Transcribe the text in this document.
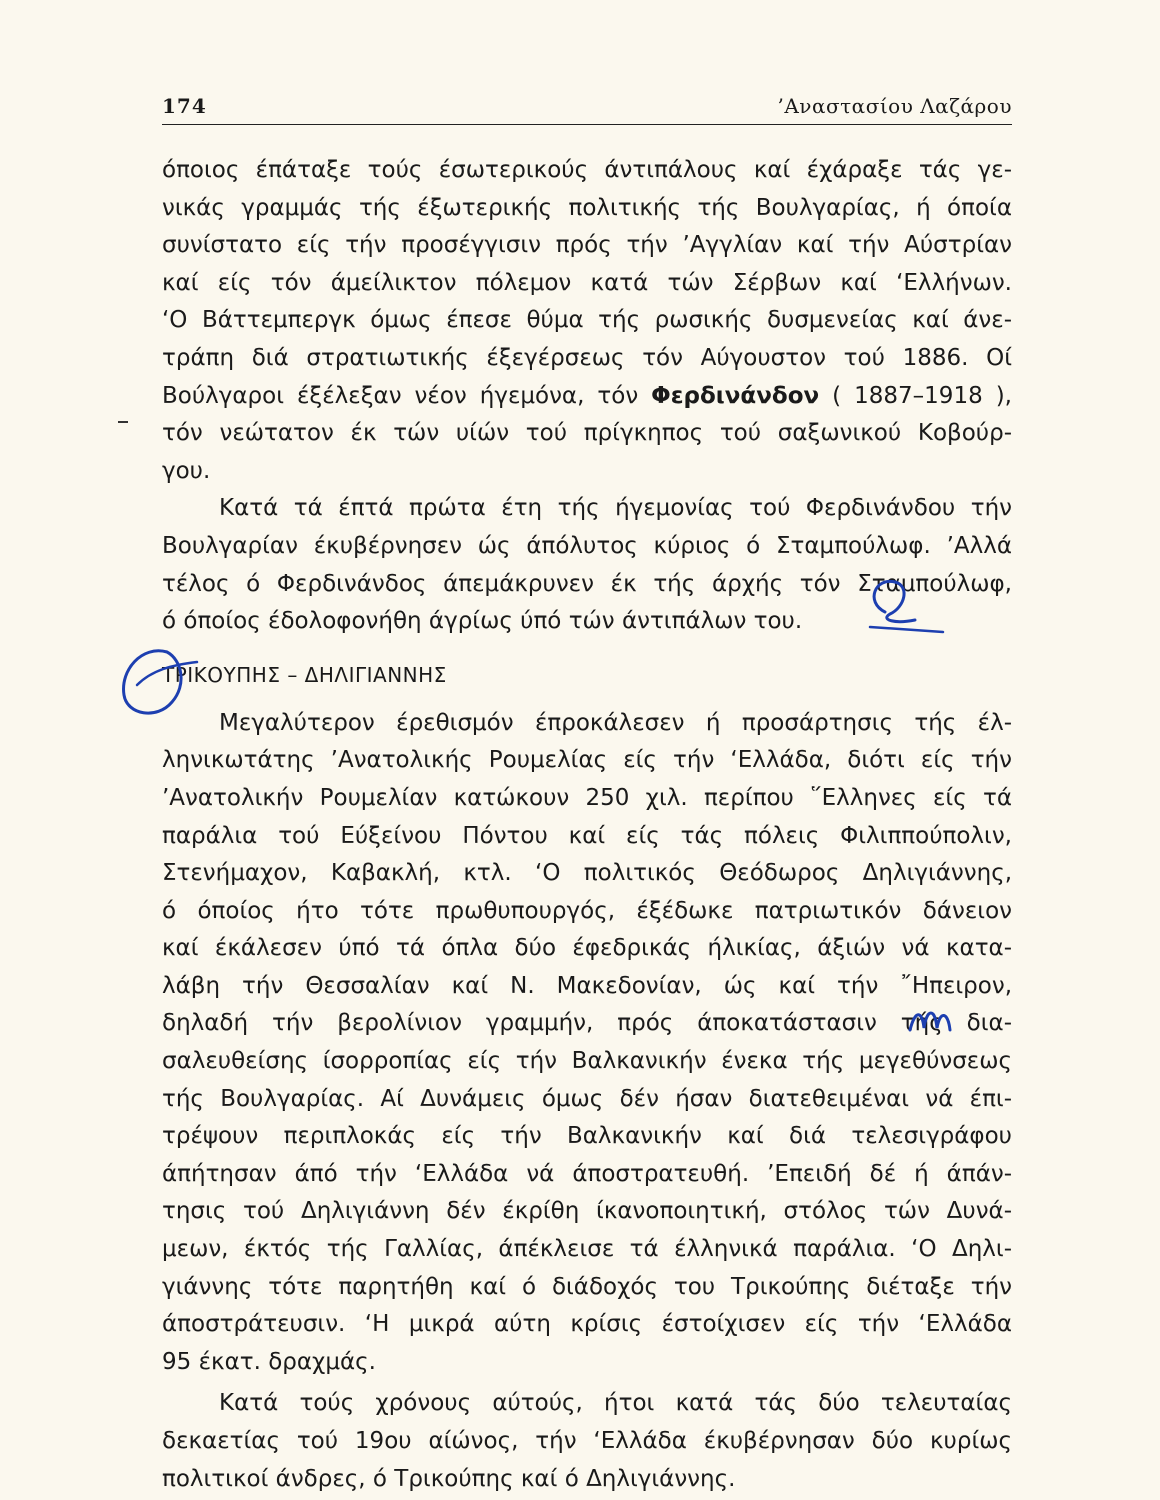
174	’Αναστασίου Λαζάρου
όποιος έπάταξε τούς έσωτερικούς άντιπάλους καί έχάραξε τάς γε-
νικάς γραμμάς τής έξωτερικής πολιτικής τής Βουλγαρίας, ή όποία
συνίστατο είς τήν προσέγγισιν πρός τήν ’Αγγλίαν καί τήν Αύστρίαν
καί είς τόν άμείλικτον πόλεμον κατά τών Σέρβων καί ‘Ελλήνων.
‘Ο Βάττεμπεργκ όμως έπεσε θύμα τής ρωσικής δυσμενείας καί άνε-
τράπη διά στρατιωτικής έξεγέρσεως τόν Αύγουστον τού 1886. Οί
Βούλγαροι έξέλεξαν νέον ήγεμόνα, τόν Φερδινάνδον ( 1887–1918 ),
τόν νεώτατον έκ τών υίών τού πρίγκηπος τού σαξωνικού Κοβούρ-
γου.
Κατά τά έπτά πρώτα έτη τής ήγεμονίας τού Φερδινάνδου τήν
Βουλγαρίαν έκυβέρνησεν ώς άπόλυτος κύριος ό Σταμπούλωφ. ’Αλλά
τέλος ό Φερδινάνδος άπεμάκρυνεν έκ τής άρχής τόν Σταμπούλωφ,
ό όποίος έδολοφονήθη άγρίως ύπό τών άντιπάλων του.
ΤΡΙΚΟΥΠΗΣ – ΔΗΛΙΓΙΑΝΝΗΣ
Μεγαλύτερον έρεθισμόν έπροκάλεσεν ή προσάρτησις τής έλ-
ληνικωτάτης ’Ανατολικής Ρουμελίας είς τήν ‘Ελλάδα, διότι είς τήν
’Ανατολικήν Ρουμελίαν κατώκουν 250 χιλ. περίπου ῞Ελληνες είς τά
παράλια τού Εύξείνου Πόντου καί είς τάς πόλεις Φιλιππούπολιν,
Στενήμαχον, Καβακλή, κτλ. ‘Ο πολιτικός Θεόδωρος Δηλιγιάννης,
ό όποίος ήτο τότε πρωθυπουργός, έξέδωκε πατριωτικόν δάνειον
καί έκάλεσεν ύπό τά όπλα δύο έφεδρικάς ήλικίας, άξιών νά κατα-
λάβη τήν Θεσσαλίαν καί Ν. Μακεδονίαν, ώς καί τήν ῎Ηπειρον,
δηλαδή τήν βερολίνιον γραμμήν, πρός άποκατάστασιν τής δια-
σαλευθείσης ίσορροπίας είς τήν Βαλκανικήν ένεκα τής μεγεθύνσεως
τής Βουλγαρίας. Αί Δυνάμεις όμως δέν ήσαν διατεθειμέναι νά έπι-
τρέψουν περιπλοκάς είς τήν Βαλκανικήν καί διά τελεσιγράφου
άπήτησαν άπό τήν ‘Ελλάδα νά άποστρατευθή. ’Επειδή δέ ή άπάν-
τησις τού Δηλιγιάννη δέν έκρίθη ίκανοποιητική, στόλος τών Δυνά-
μεων, έκτός τής Γαλλίας, άπέκλεισε τά έλληνικά παράλια. ‘Ο Δηλι-
γιάννης τότε παρητήθη καί ό διάδοχός του Τρικούπης διέταξε τήν
άποστράτευσιν. ‘Η μικρά αύτη κρίσις έστοίχισεν είς τήν ‘Ελλάδα
95 έκατ. δραχμάς.
Κατά τούς χρόνους αύτούς, ήτοι κατά τάς δύο τελευταίας
δεκαετίας τού 19ου αίώνος, τήν ‘Ελλάδα έκυβέρνησαν δύο κυρίως
πολιτικοί άνδρες, ό Τρικούπης καί ό Δηλιγιάννης.
